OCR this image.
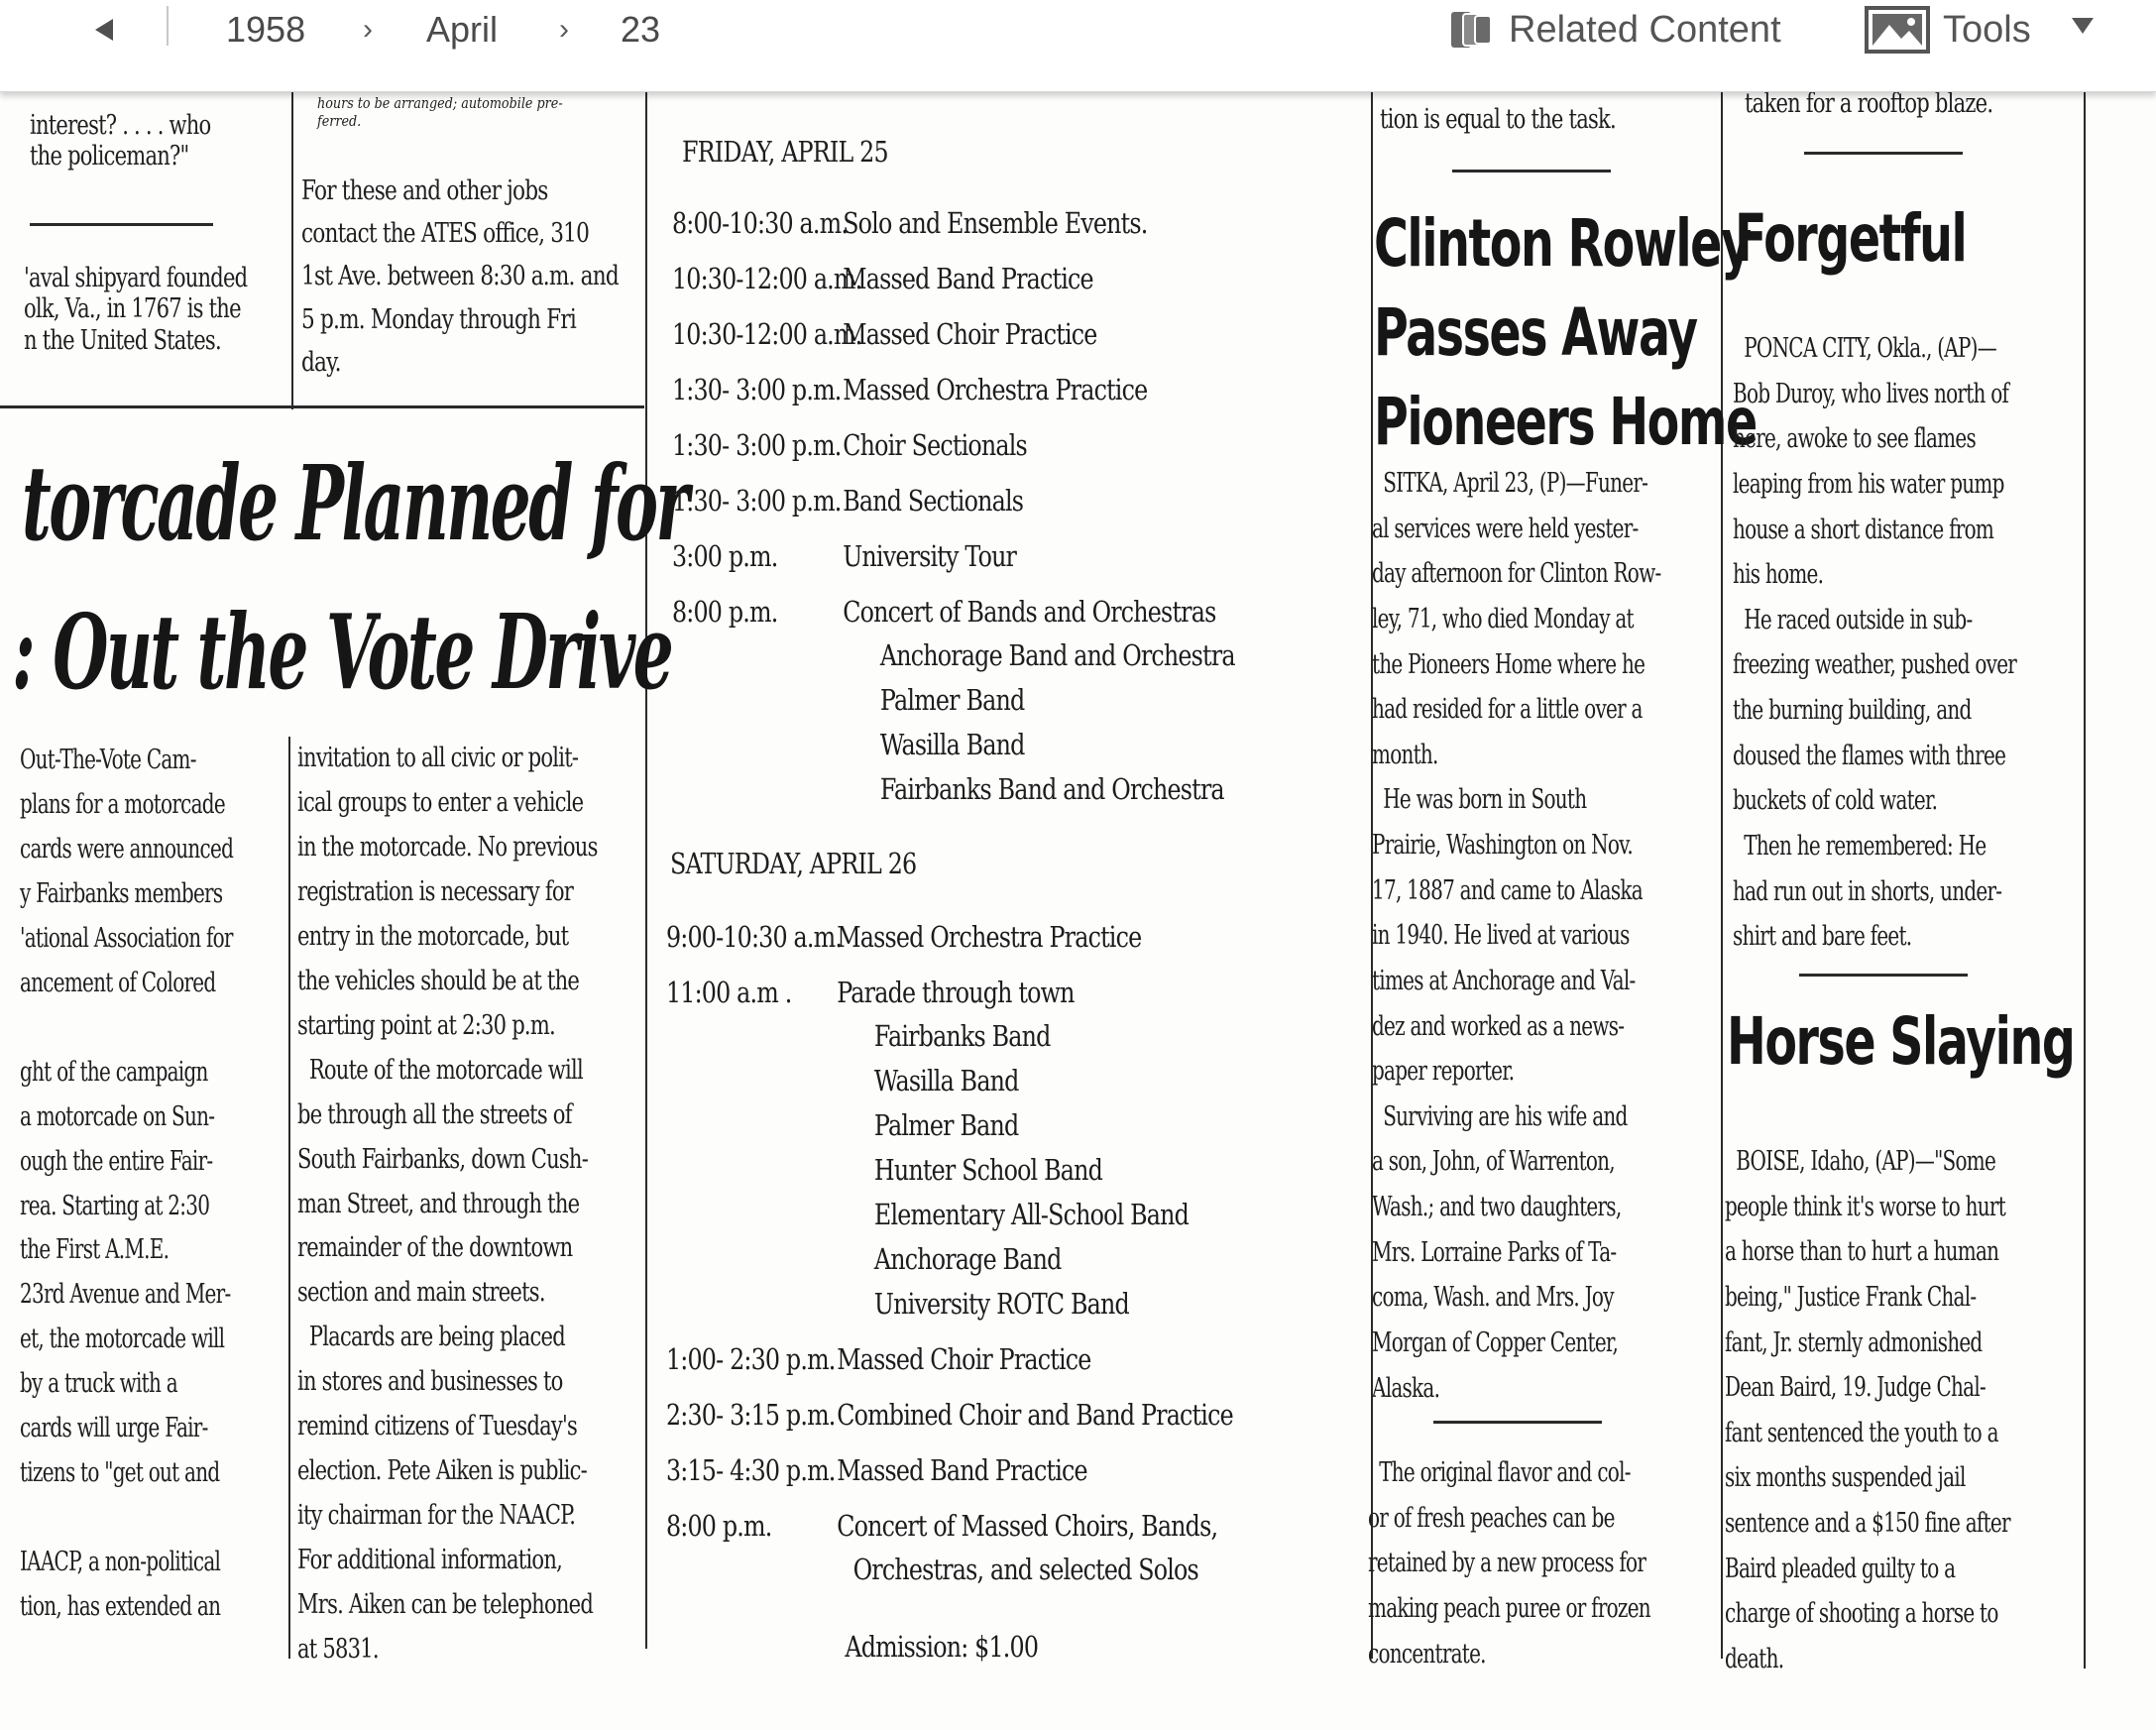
1958 › April › 23	Related Content	Tools
interest? . . . . who
the policeman?"
'aval shipyard founded
olk, Va., in 1767 is the
n the United States.
torcade Planned for
: Out the Vote Drive
Out-The-Vote Cam-
plans for a motorcade
cards were announced
y Fairbanks members
'ational Association for
ancement of Colored

ght of the campaign
a motorcade on Sun-
ough the entire Fair-
rea. Starting at 2:30
the First A.M.E.
23rd Avenue and Mer-
et, the motorcade will
by a truck with a
cards will urge Fair-
tizens to "get out and

IAACP, a non-political
tion, has extended an
hours to be arranged; automobile pre-
ferred.
For these and other jobs
contact the ATES office, 310
1st Ave. between 8:30 a.m. and
5 p.m. Monday through Fri
day.
invitation to all civic or polit-
ical groups to enter a vehicle
in the motorcade. No previous
registration is necessary for
entry in the motorcade, but
the vehicles should be at the
starting point at 2:30 p.m.
Route of the motorcade will
be through all the streets of
South Fairbanks, down Cush-
man Street, and through the
remainder of the downtown
section and main streets.
Placards are being placed
in stores and businesses to
remind citizens of Tuesday's
election. Pete Aiken is public-
ity chairman for the NAACP.
For additional information,
Mrs. Aiken can be telephoned
at 5831.
FRIDAY, APRIL 25
8:00-10:30 a.m.
Solo and Ensemble Events.
10:30-12:00 a.m.
Massed Band Practice
10:30-12:00 a.m.
Massed Choir Practice
1:30- 3:00 p.m. Massed Orchestra Practice
1:30- 3:00 p.m. Choir Sectionals
1:30- 3:00 p.m. Band Sectionals
3:00 p.m. University Tour
8:00 p.m. Concert of Bands and Orchestras
Anchorage Band and Orchestra
Palmer Band
Wasilla Band
Fairbanks Band and Orchestra
SATURDAY, APRIL 26
9:00-10:30 a.m.
Massed Orchestra Practice
11:00 a.m . Parade through town
Fairbanks Band
Wasilla Band
Palmer Band
Hunter School Band
Elementary All-School Band
Anchorage Band
University ROTC Band
1:00- 2:30 p.m. Massed Choir Practice
2:30- 3:15 p.m. Combined Choir and Band Practice
3:15- 4:30 p.m. Massed Band Practice
8:00 p.m. Concert of Massed Choirs, Bands,
Orchestras, and selected Solos
Admission: $1.00
tion is equal to the task.
Clinton Rowley
Passes Away
Pioneers Home
SITKA, April 23, (P)—Funer-
al services were held yester-
day afternoon for Clinton Row-
ley, 71, who died Monday at
the Pioneers Home where he
had resided for a little over a
month.
He was born in South
Prairie, Washington on Nov.
17, 1887 and came to Alaska
in 1940. He lived at various
times at Anchorage and Val-
dez and worked as a news-
paper reporter.
Surviving are his wife and
a son, John, of Warrenton,
Wash.; and two daughters,
Mrs. Lorraine Parks of Ta-
coma, Wash. and Mrs. Joy
Morgan of Copper Center,
Alaska.
The original flavor and col-
or of fresh peaches can be
retained by a new process for
making peach puree or frozen
concentrate.
taken for a rooftop blaze.
Forgetful
PONCA CITY, Okla., (AP)—
Bob Duroy, who lives north of
here, awoke to see flames
leaping from his water pump
house a short distance from
his home.
He raced outside in sub-
freezing weather, pushed over
the burning building, and
doused the flames with three
buckets of cold water.
Then he remembered: He
had run out in shorts, under-
shirt and bare feet.
Horse Slaying
BOISE, Idaho, (AP)—"Some
people think it's worse to hurt
a horse than to hurt a human
being," Justice Frank Chal-
fant, Jr. sternly admonished
Dean Baird, 19. Judge Chal-
fant sentenced the youth to a
six months suspended jail
sentence and a $150 fine after
Baird pleaded guilty to a
charge of shooting a horse to
death.
